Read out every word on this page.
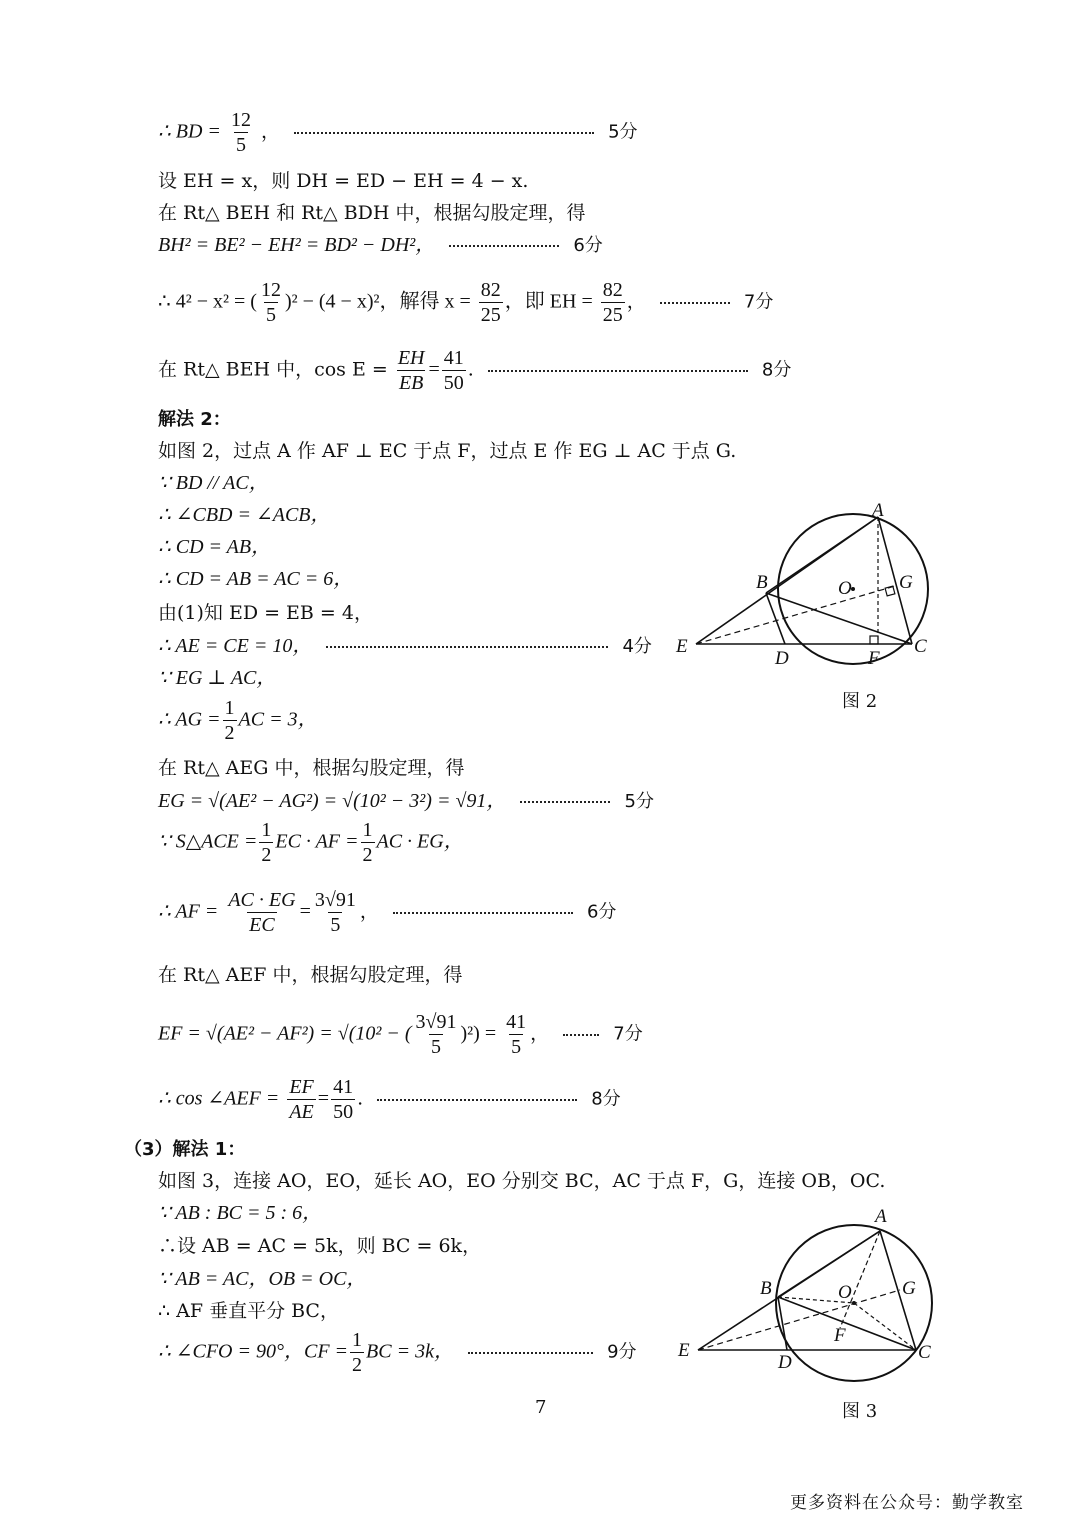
∴ BD = $\frac{12}{5}$ ，	5分
设 EH = x，则 DH = ED − EH = 4 − x.
在 Rt△ BEH 和 Rt△ BDH 中，根据勾股定理，得
BH² = BE² − EH² = BD² − DH²，	6分
∴ 4² − x² = ( $\frac{12}{5} )^2 - (4 - x)^2$，解得 $x = \frac{82}{25}$ ，即 EH = $\frac{82}{25}$ ，	7分
在 Rt△ BEH 中，$\cos E = \frac{EH}{EB} = \frac{41}{50}$ .	8分
解法 2：
如图 2，过点 A 作 AF ⊥ EC 于点 F，过点 E 作 EG ⊥ AC 于点 G.
∵ BD // AC，
∴ ∠CBD = ∠ACB，
∴ CD = AB，
∴ CD = AB = AC = 6，
由(1)知 ED = EB = 4，
∴ AE = CE = 10，	4分
∵ EG ⊥ AC，
∴ AG = $\frac{1}{2}$ AC = 3，
在 Rt△ AEG 中，根据勾股定理，得
EG = √(AE² − AG²) = √(10² − 3²) = √91，	5分
∵ S△ACE = $\frac{1}{2}$ EC · AF = $\frac{1}{2}$ AC · EG，
∴ AF = $\frac{AC \cdot EG}{EC} = \frac{3√91}{5}$ ，	6分
在 Rt△ AEF 中，根据勾股定理，得
EF = √(AE² − AF²) = √(10² − ( $\frac{3√91}{5} )^2) = \frac{41}{5}$ ，	7分
∴ cos ∠AEF = $\frac{EF}{AE} = \frac{41}{50}$ .	8分
（3）解法 1：
如图 3，连接 AO，EO，延长 AO，EO 分别交 BC，AC 于点 F，G，连接 OB，OC.
∵ AB : BC = 5 : 6，
∴设 AB = AC = 5k，则 BC = 6k，
∵ AB = AC，OB = OC，
∴ AF 垂直平分 BC，
∴ ∠CFO = 90°，CF = $\frac{1}{2}$ BC = 3k，	9分
A
B
C
D
E
F
G
O
图 2
A
B
C
D
E
F
G
O
图 3
7
更多资料在公众号：勤学教室
